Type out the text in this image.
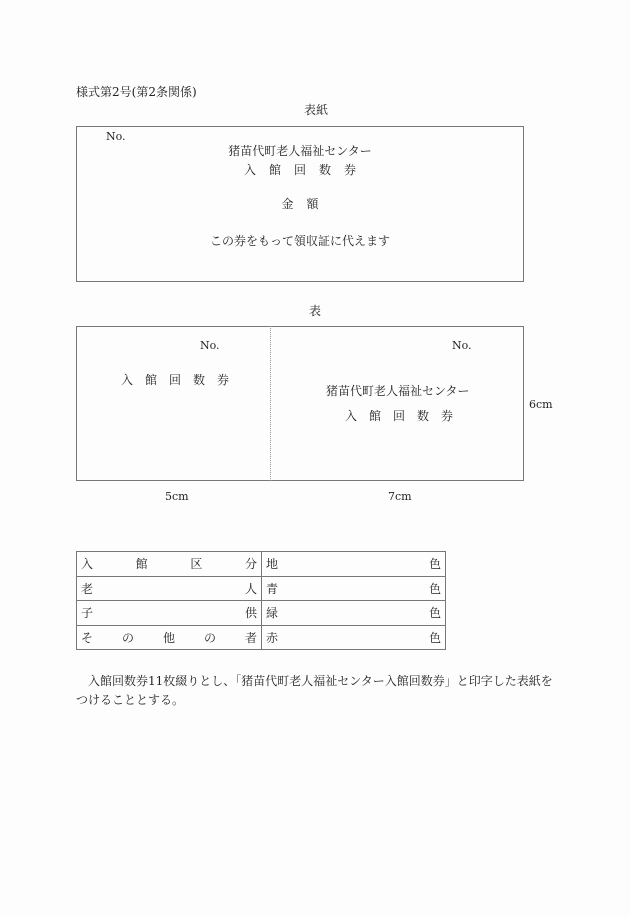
様式第2号(第2条関係)
表紙
No.
猪苗代町老人福祉センター
入館回数券
金額
この券をもって領収証に代えます
表
No.
入館回数券
No.
猪苗代町老人福祉センター
入館回数券
6cm
5cm	7cm
入 館 区 分	地 色

老 人	青 色

子 供	緑 色

そ の 他 の 者	赤 色
入館回数券11枚綴りとし、「猪苗代町老人福祉センター入館回数券」と印字した表紙を
つけることとする。
